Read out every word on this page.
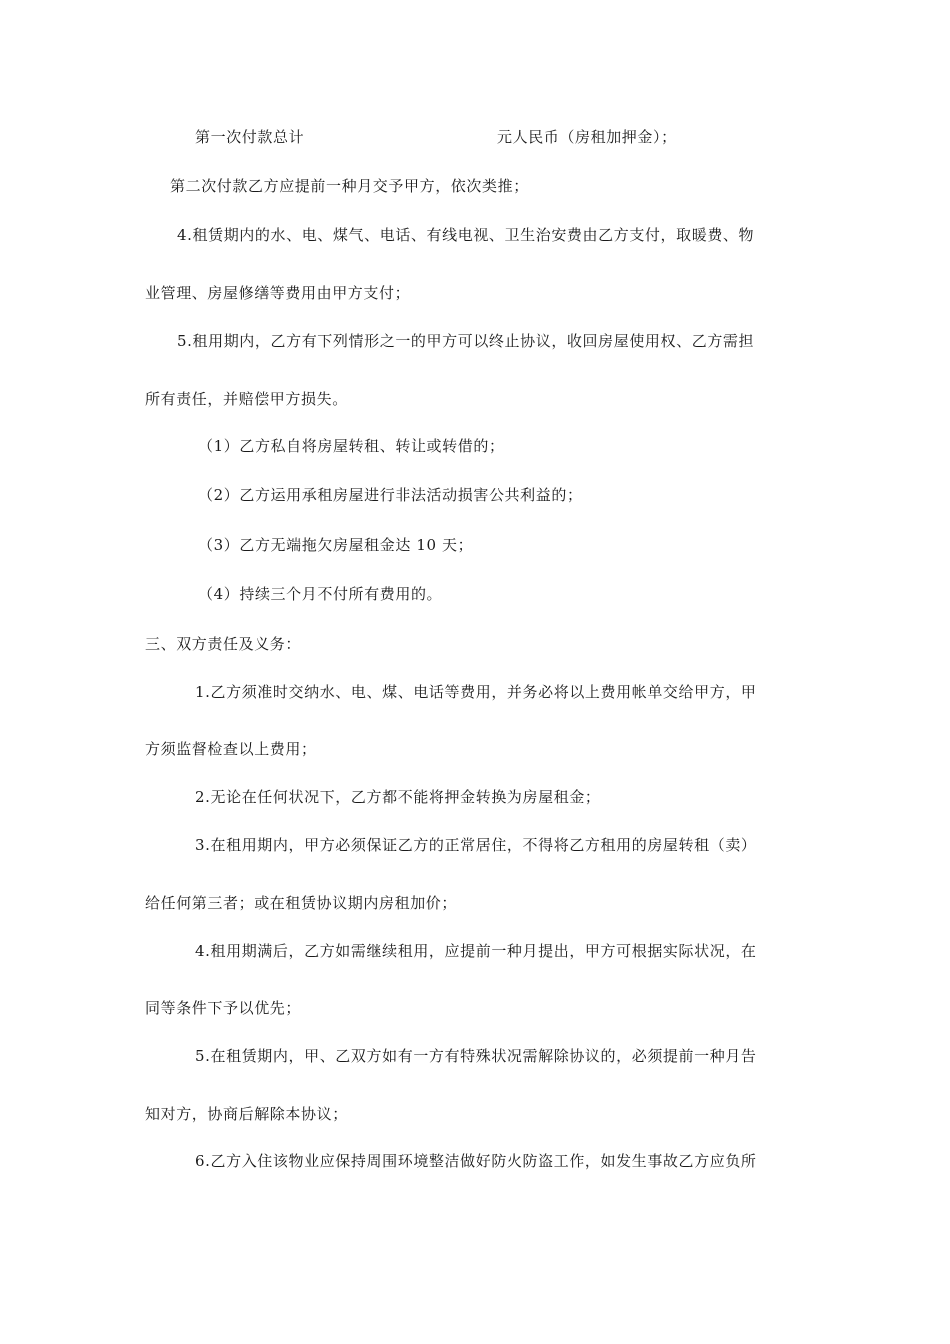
第一次付款总计	元人民币（房租加押金）；
第二次付款乙方应提前一种月交予甲方，依次类推；
4.租赁期内的水、电、煤气、电话、有线电视、卫生治安费由乙方支付，取暖费、物
业管理、房屋修缮等费用由甲方支付；
5.租用期内，乙方有下列情形之一的甲方可以终止协议，收回房屋使用权、乙方需担
所有责任，并赔偿甲方损失。
（1）乙方私自将房屋转租、转让或转借的；
（2）乙方运用承租房屋进行非法活动损害公共利益的；
（3）乙方无端拖欠房屋租金达 10 天；
（4）持续三个月不付所有费用的。
三、双方责任及义务：
1.乙方须准时交纳水、电、煤、电话等费用，并务必将以上费用帐单交给甲方，甲
方须监督检查以上费用；
2.无论在任何状况下，乙方都不能将押金转换为房屋租金；
3.在租用期内，甲方必须保证乙方的正常居住，不得将乙方租用的房屋转租（卖）
给任何第三者；或在租赁协议期内房租加价；
4.租用期满后，乙方如需继续租用，应提前一种月提出，甲方可根据实际状况，在
同等条件下予以优先；
5.在租赁期内，甲、乙双方如有一方有特殊状况需解除协议的，必须提前一种月告
知对方，协商后解除本协议；
6.乙方入住该物业应保持周围环境整洁做好防火防盗工作，如发生事故乙方应负所
